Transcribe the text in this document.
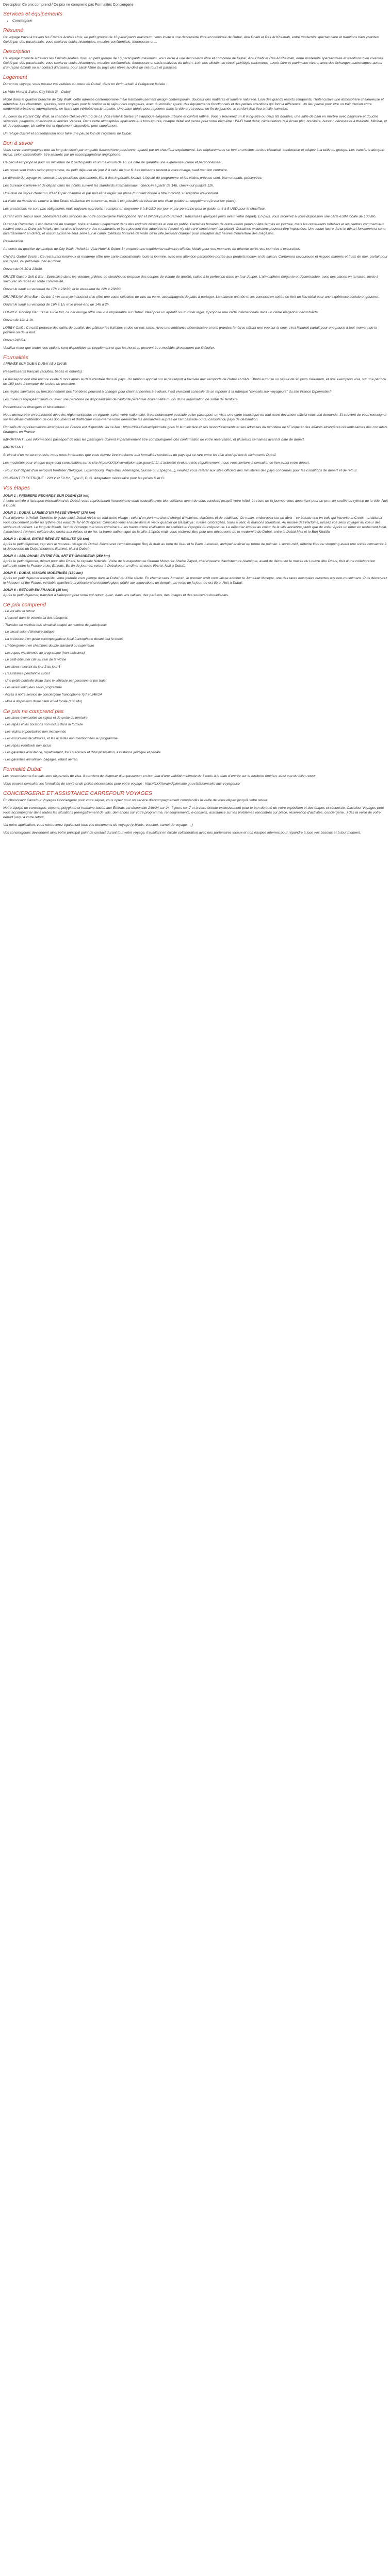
Description Ce prix comprend / Ce prix ne comprend pas Formalités Conciergerie
Services et équipements
• Conciergerie
Résumé

Ce voyage travel à travers les Emirats Arabes Unis, en petit groupe de 16 participants maximum, vous invite à une découverte libre et combinée de Dubaï, Abu Dhabi et Ras Al Khaimah, entre modernité spectaculaire et traditions bien vivantes. Guidé par des passionnés, vous explorez souks historiques, musées confidentiels, forteresses et ...

Description

Ce voyage intimiste à travers les Emirats Arabes Unis, en petit groupe de 16 participants maximum, vous invite à une découverte libre et combinée de Dubaï, Abu Dhabi et Ras Al Khaimah, entre modernité spectaculaire et traditions bien vivantes. Guidé par des passionnés, vous explorez souks historiques, musées confidentiels, forteresses et oasis cultivées du désert. Loin des clichés, ce circuit privilégie rencontres, savoir-faire et patrimoine vivant, avec des échanges authentiques autour d'un repas émirati ou au contact d'artisans, pour saisir l'âme du pays des rêves au-delà de ses tours et paraisse.

Logement

Durant ce voyage, vous passez vos nuitées au coeur de Dubaï, dans un écrin urbain à l'élégance boisée :

Le Vida Hotel & Suites City Walk 3* - Dubaï

Niché dans le quartier branché de City Walk, cette adresse contemporaine mêle harmonieusement design contemporain, douceur des matières et lumière naturelle. Loin des grands resorts clinquants, l'hôtel cultive une atmosphère chaleureuse et détendue. Les chambres, épurées, sont conçues pour le confort et le séjour des voyageurs, avec du mobilier épuré, des équipements fonctionnels et des petites attentions qui font la différence. Un lieu pensé pour être un trait d'union entre modernité urbaine et internationale, en lisant une véritable oasis urbaine. Une base idéale pour rayonner dans la ville et retrouver, en fin de journée, le confort d'un lieu à taille humaine.

Au coeur du vibrant City Walk, la chambre Deluxe (40 m²) de La Vida Hotel & Suites 5* s'applique élégance urbaine et confort raffiné. Vous y trouverez un lit King-size ou deux lits doubles, une salle de bain en marbre avec baignoire et douche séparées, peignoirs, chaussons et articles Vanesa. Dans cette atmosphère apaisante aux tons épurés, chaque détail est pensé pour votre bien-être : Wi-Fi haut débit, climatisation, télé écran plat, bouilloire, bureau, nécessaire à thé/café, Minibar, et kit de repassage. Un coffre-fort et également disponible, pour supplément.

Un refuge discret et contemporain pour faire une pause loin de l'agitation de Dubaï.

Bon à savoir

Vous serez accompagnés tout au long du circuit par un guide francophone passionné, épaulé par un chauffeur expérimenté. Les déplacements se font en minibus ou bus climatisé, confortable et adapté à la taille du groupe. Les transferts aéroport inclus, selon disponibilité, être assurés par un accompagnateur anglophone.

Ce circuit est proposé pour un minimum de 2 participants et un maximum de 16. La date de garantie une expérience intime et personnalisée.

Les repas sont inclus selon programme, du petit déjeuner du jour 2 à celui du jour 6. Les boissons restent à votre charge, sauf mention contraire.

Le déroulé du voyage est soumis à de possibles ajustements liés à des impératifs locaux. L'équité du programme et les visites prévues sont, bien entendu, préservées.

Les bureaux d'arrivée et de départ dans les hôtels suivent les standards internationaux : check-in à partir de 14h, check-out jusqu'à 12h.

Une taxe de séjour d'environ 20 AED par chambre et par nuit est à régler sur place (montant donné à titre indicatif, susceptible d'évolution).

La visite du musée du Louvre à Abu Dhabi s'effectue en autonomie, mais il est possible de réserver une visite guidée en supplément (à voir sur place).

Les prestations ne sont pas obligatoires mais toujours appréciés : compter en moyenne 6 à 8 USD par jour et par personne pour le guide, et 4 à 5 USD pour le chauffeur.

Durant votre séjour nous bénéficierez des services de notre conciergerie francophone 7j/7 et 24h/24 (Lundi-Samedi : transmises quelques jours avant votre départ). En plus, vous recevrez à votre disposition une carte eSIM locale de 100 Mo.

Durant le Ramadan, il est demandé de manger, boire et fumer uniquement dans des endroits désignés et non en public. Certaines horaires de restauration peuvent être fermés en journée, mais les restaurants hôteliers et les centres commerciaux restent ouverts. Dans les hôtels, les horaires d'ouverture des restaurants et bars peuvent être adaptées et l'alcool n'y est servi directement sur place). Certaines excursions peuvent être impactées. Une tenue lustre dans le désert fonctionnera sans divertissement en direct, et aucun alcool ne sera servi sur le camp. Certains horaires de visite de la ville peuvent changer pour s'adapter aux heures d'ouverture des magasins.

Restauration

Au coeur du quartier dynamique de City Walk, l'hôtel La Vida Hotel & Suites 3* propose une expérience culinaire raffinée, idéale pour vos moments de détente après vos journées d'excursions.

CHIVAL Global Social : Ce restaurant lumineux et moderne offre une carte internationale toute la journée, avec une attention particulière portée aux produits locaux et de saison. Carbonara savoureuse et risques marinés et fruits de mer, parfait pour vos repas, du petit-déjeuner au dîner.

Ouvert de 06:30 à 23h30.

GRAZE Gastro Grill & Bar : Spécialisé dans les viandes grillées, ce steakhouse propose des coupes de viande de qualité, cuites à la perfection dans un four Josper. L'atmosphère élégante et décontractée, avec des places en terrasse, invite à savourer un repas en toute convivialité.

Ouvert le lundi au vendredi de 17h à 23h30, et le week-end de 12h à 23h30.

GRAPESAN Wine Bar : Ce bar à vin au style industriel chic offre une vaste sélection de vins au verre, accompagnés de plats à partager. Lambiance animée et les concerts en soirée en font un lieu idéal pour une expérience sociale et gourmet.

Ouvert le lundi au vendredi de 16h à 1h, et le week-end de 14h à 2h.

LOUNGE Rooftop Bar : Situé sur le toit, ce bar lounge offre une vue imprenable sur Dubaï. Idéal pour un apéritif ou un dîner léger, il propose une carte internationale dans un cadre élégant et décontracté.

Ouvert de 12h à 1h.

LOBBY Café : Ce café propose des cafés de qualité, des pâtisseries fraîches et des en-cas sains. Avec une ambiance décontractée et ses grandes fenêtres offrant une vue sur la cour, c'est l'endroit parfait pour une pause à tout moment de la journée ou de la nuit.

Ouvert 24h/24.

Veuillez noter que toutes ces options sont disponibles en supplément et que les horaires peuvent être modifiés directement par l'hôtelier.

Formalités
ARRIVÉE SUR DUBAÏ DUBAÏ ABU DHABI

Ressortissants français (adultes, bébés et enfants) :

Le passeport doit être encore valide 6 mois après la date d'entrée dans le pays. Un tampon apposé sur le passeport à l'arrivée aux aéroports de Dubaï et d'Abu Dhabi autorise un séjour de 90 jours maximum, et une exemption visa, sur une période de 180 jours à compter de la date de première.

Les règles sanitaires ou fonctionnement des frontières pouvant à changer pour client annexées à évoluer, il est vivement conseillé de se reporter à la rubrique "conseils aux voyageurs" du site France Diplomatie.fr

Les mineurs voyageant seuls ou avec une personne ne disposant pas de l'autorité parentale doivent être munis d'une autorisation de sortie de territoire.

Ressortissants étrangers et binationaux :

Nous devrez être en conformité avec les réglementations en vigueur, selon votre nationalité. Il est notamment possible qu'un passeport, un visa, une carte touristique ou tout autre document officiel vous soit demandé. Si souvent de vous renseigner sur les délais d'obtention de ces documents et d'effectuer vous-même votre démarche les démarches auprès de l'ambassade ou du consulat du pays de destination.

Conseils de représentations étrangères en France est disponible via ce lien : https://XXXXwwwdiplomatie.gouv.fr/ le ministère et ses ressortissements et ses adresses du ministère de l'Europe et des affaires étrangères ressortissantes des consulats étrangers en France

IMPORTANT : Les informations passeport de tous les passagers doivent impérativement être communiquées dès confirmation de votre réservation, et plusieurs semaines avant la date de départ.

IMPORTANT :

Si circuit d'un ne sera réussis, nous nous inhérentes que vous devrez être conforme aux formalités sanitaires du pays qui se rare entre les rôle ainsi qu'aux le dichotomie Dubaï.

Les modalités pour chaque pays sont consultables sur le site https://XXXXwwwdiplomatie.gouv.fr/ fr/. L'actualité évoluant très régulièrement, nous vous invitons à consulter ce lien avant votre départ.

- Pour tout départ d'un aéroport frontalier (Belgique, Luxembourg, Pays-Bas, Allemagne, Suisse ou Espagne...), veuillez vous référer aux sites officiels des ministères des pays concernés pour les conditions de départ et de retour.

COURANT ÉLECTRIQUE : 220 V et 50 Hz, Type C, D, G. Adaptateur nécessaire pour les prises D et G.

Vos étapes
JOUR 1 : PREMIERS REGARDS SUR DUBAÏ (15 km)

À votre arrivée à l'aéroport international de Dubaï, votre représentant francophone vous accueille avec bienveillance avant de vous conduire jusqu'à votre hôtel. Le reste de la journée vous appartient pour un premier souffle ou rythme de la ville. Nuit à Dubaï.

JOUR 2 : DUBAÏ, LARME D'UN PASSÉ VIVANT (170 km)

Petit déjeuner à l'hôtel. Dernière le guide ainsi, Dubaï révèle un tout autre visage : celui d'un port marchand chargé d'histoires, d'arômes et de traditions. Ce matin, embarquez sur un abra – ce bateau-taxi en bois qui traverse la Creek – et laissez-vous doucement porter au rythme des eaux de fer et de épices. Consolez-vous ensuite dans le vieux quartier de Bastakiya : ruelles ombragées, tours à vent, et maisons fourniture. Au musée des Parfums, laissez vos sens voyager au coeur des senteurs du désert. Le long de Maleh, l'art de l'étrange que vous entraîne sur les traces d'une civilisation de scellées et l'apogée du crépuscule. Le déjeuner émirati au coeur de la ville ancienne plutôt que de voler. Après un dîner en restaurant local, Almashiee à l'univers célèbre des souks aux épices et de l'or, la trame authentique de la ville. L'après-midi, vous resterez libre pour une découverte de la modernité de Dubaï, entre la Dubaï Mall et le Burj Khalifa.

JOUR 3 : DUBAÏ, ENTRE RÊVE ET RÉALITÉ (20 km)

Après le petit déjeuner, cap vers le nouveau visage de Dubaï. Découvrez l'emblématique Burj Al Arab au bord de l'eau et la Palm Jumeirah, archipel artificiel en forme de palmier. L'après-midi, détente libre ou shopping avant une soirée consacrée à la découverte du Dubaï moderne illuminé. Nuit à Dubaï.

JOUR 4 : ABU DHABI, ENTRE FOI, ART ET GRANDEUR (250 km)

Après le petit déjeuner, départ pour Abu Dhabi, la capitale fédérale. Visite de la majestueuse Grande Mosquée Sheikh Zayed, chef d'oeuvre d'architecture islamique, avant de découvrir le musée du Louvre Abu Dhabi, fruit d'une collaboration culturelle entre la France et les Émirats. En fin de journée, retour à Dubaï pour un dîner en toute liberté. Nuit à Dubaï.

JOUR 5 : DUBAÏ, VISIONS MODERNES (180 km)

Après un petit déjeuner tranquille, votre journée vous plonge dans le Dubaï du XXIe siècle. En chemin vers Jumeirah, le premier arrêt vous laisse admirer le Jumeirah Mosque, une des rares mosquées ouvertes aux non-musulmans. Puis découvrez le Museum of the Future, véritable manifeste architectural et technologique dédié aux innovations de demain. Le reste de la journée est libre. Nuit à Dubaï.

JOUR 6 : RETOUR EN FRANCE (15 km)

Après le petit-déjeuner, transfert à l'aéroport pour votre vol retour. Avec, dans vos valises, des parfums, des images et des souvenirs inoubliables.

Ce prix comprend

- Le vol aller et retour

- L'accueil dans le volontariat des aéroports

- Transfert en minibus bus climatisé adapté au nombre de participants

- Le circuit selon l'itinéraire indiqué

- La présence d'un guide accompagnateur local francophone durant tout le circuit

- L'hébergement en chambres double standard ou supérieure

- Les repas mentionnés au programme (hors boissons)

- Le petit-déjeuner cité au sein de la vitrine

- Les taxes relevant du jour 2 au jour 6

- L'assistance pendant le circuit

- Une petite bouteille d'eau dans le véhicule par personne et par trajet

- Les taxes indiquées selon programme

- Accès à notre service de conciergerie francophone 7j/7 et 24h/24

- Mise à disposition d'une carte eSIM locale (100 Mo)

Ce prix ne comprend pas

- Les taxes éventuelles de séjour et de sortie du territoire

- Les repas et les boissons non inclus dans la formule

- Les visites et pourboires non mentionnés

- Les excursions facultatives, et les activités non mentionnées au programme

- Les repas éventuels non inclus

- Les garanties assistance, rapatriement, frais médicaux et d'hospitalisation, assistance juridique et pénale

- Les garanties annulation, bagages, retard aérien.

Formalité Dubaï

Les ressortissants français sont dispensés de visa. Il convient de disposer d'un passeport en bon état d'une validité minimale de 6 mois à la date d'entrée sur le territoire émirien, ainsi que du billet retour.

Vous pouvez consulter les formalités de santé et de police nécessaires pour votre voyage : http://XXXXwwwdiplomatie.gouv.fr/fr/conseils-aux-voyageurs/

CONCIERGERIE ET ASSISTANCE CARREFOUR VOYAGES

En choisissant Carrefour Voyages Conciergerie pour votre séjour, vous optez pour un service d'accompagnement complet dès la veille de votre départ jusqu'à votre retour.

Notre équipe de concierges, experts, polyglotte et humaine basée aux Émirats est disponible 24h/24 sur 24, 7 jours sur 7 et à votre écoute exclusivement pour le bon déroulé de votre expédition et des étapes et sécurisée. Carrefour Voyages peut vous accompagner dans toutes les situations (enregistrement de vols, demandes sur votre programme, renseignements, e-conseils, assistance sur les problèmes rencontrés sur place, réservation d'activités, conciergerie...) dès la veille de votre départ jusqu'à votre retour.

Via notre application, vous retrouverez également tous vos documents de voyage (e-billets, voucher, carnet de voyage, ...)

Vos conciergeries deviennent ainsi votre principal point de contact durant tout votre voyage, travaillant en étroite collaboration avec nos partenaires locaux et nos équipes internes pour répondre à tous vos besoins et à tout moment.
